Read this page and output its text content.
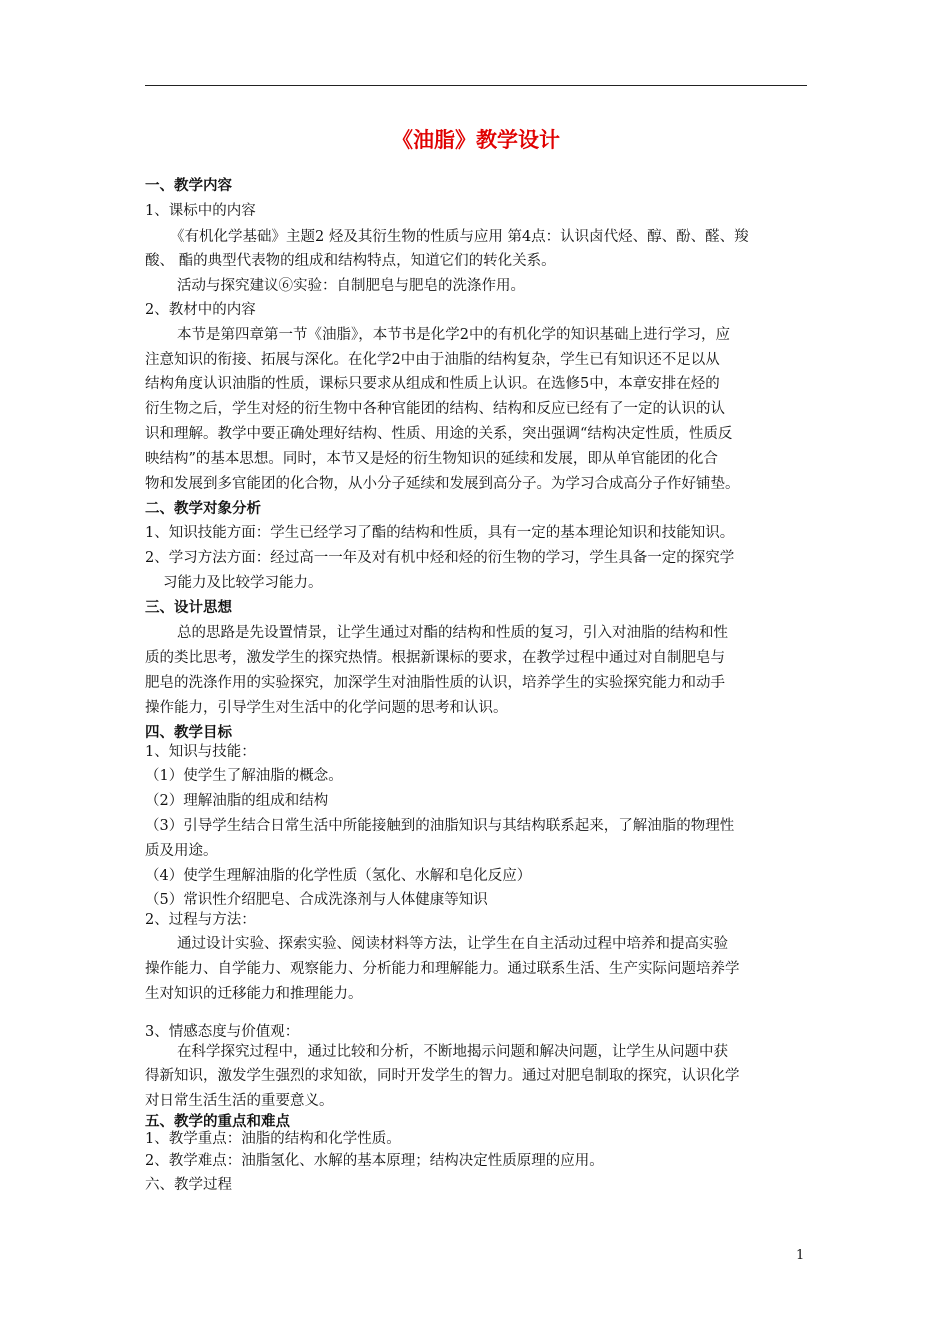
《油脂》教学设计
一、教学内容
1、课标中的内容
《有机化学基础》主题2 烃及其衍生物的性质与应用 第4点：认识卤代烃、醇、酚、醛、羧
酸、 酯的典型代表物的组成和结构特点，知道它们的转化关系。
活动与探究建议⑥实验：自制肥皂与肥皂的洗涤作用。
2、教材中的内容
本节是第四章第一节《油脂》，本节书是化学2中的有机化学的知识基础上进行学习，应
注意知识的衔接、拓展与深化。在化学2中由于油脂的结构复杂，学生已有知识还不足以从
结构角度认识油脂的性质，课标只要求从组成和性质上认识。在选修5中，本章安排在烃的
衍生物之后，学生对烃的衍生物中各种官能团的结构、结构和反应已经有了一定的认识的认
识和理解。教学中要正确处理好结构、性质、用途的关系，突出强调“结构决定性质，性质反
映结构”的基本思想。同时，本节又是烃的衍生物知识的延续和发展，即从单官能团的化合
物和发展到多官能团的化合物，从小分子延续和发展到高分子。为学习合成高分子作好铺垫。
二、教学对象分析
1、知识技能方面：学生已经学习了酯的结构和性质，具有一定的基本理论知识和技能知识。
2、学习方法方面：经过高一一年及对有机中烃和烃的衍生物的学习，学生具备一定的探究学
习能力及比较学习能力。
三、设计思想
总的思路是先设置情景，让学生通过对酯的结构和性质的复习，引入对油脂的结构和性
质的类比思考，激发学生的探究热情。根据新课标的要求，在教学过程中通过对自制肥皂与
肥皂的洗涤作用的实验探究，加深学生对油脂性质的认识，培养学生的实验探究能力和动手
操作能力，引导学生对生活中的化学问题的思考和认识。
四、教学目标
1、知识与技能：
（1）使学生了解油脂的概念。
（2）理解油脂的组成和结构
（3）引导学生结合日常生活中所能接触到的油脂知识与其结构联系起来，了解油脂的物理性
质及用途。
（4）使学生理解油脂的化学性质（氢化、水解和皂化反应）
（5）常识性介绍肥皂、合成洗涤剂与人体健康等知识
2、过程与方法：
通过设计实验、探索实验、阅读材料等方法，让学生在自主活动过程中培养和提高实验
操作能力、自学能力、观察能力、分析能力和理解能力。通过联系生活、生产实际问题培养学
生对知识的迁移能力和推理能力。
3、情感态度与价值观：
在科学探究过程中，通过比较和分析，不断地揭示问题和解决问题，让学生从问题中获
得新知识，激发学生强烈的求知欲，同时开发学生的智力。通过对肥皂制取的探究，认识化学
对日常生活生活的重要意义。
五、教学的重点和难点
1、教学重点：油脂的结构和化学性质。
2、教学难点：油脂氢化、水解的基本原理；结构决定性质原理的应用。
六、教学过程
1
